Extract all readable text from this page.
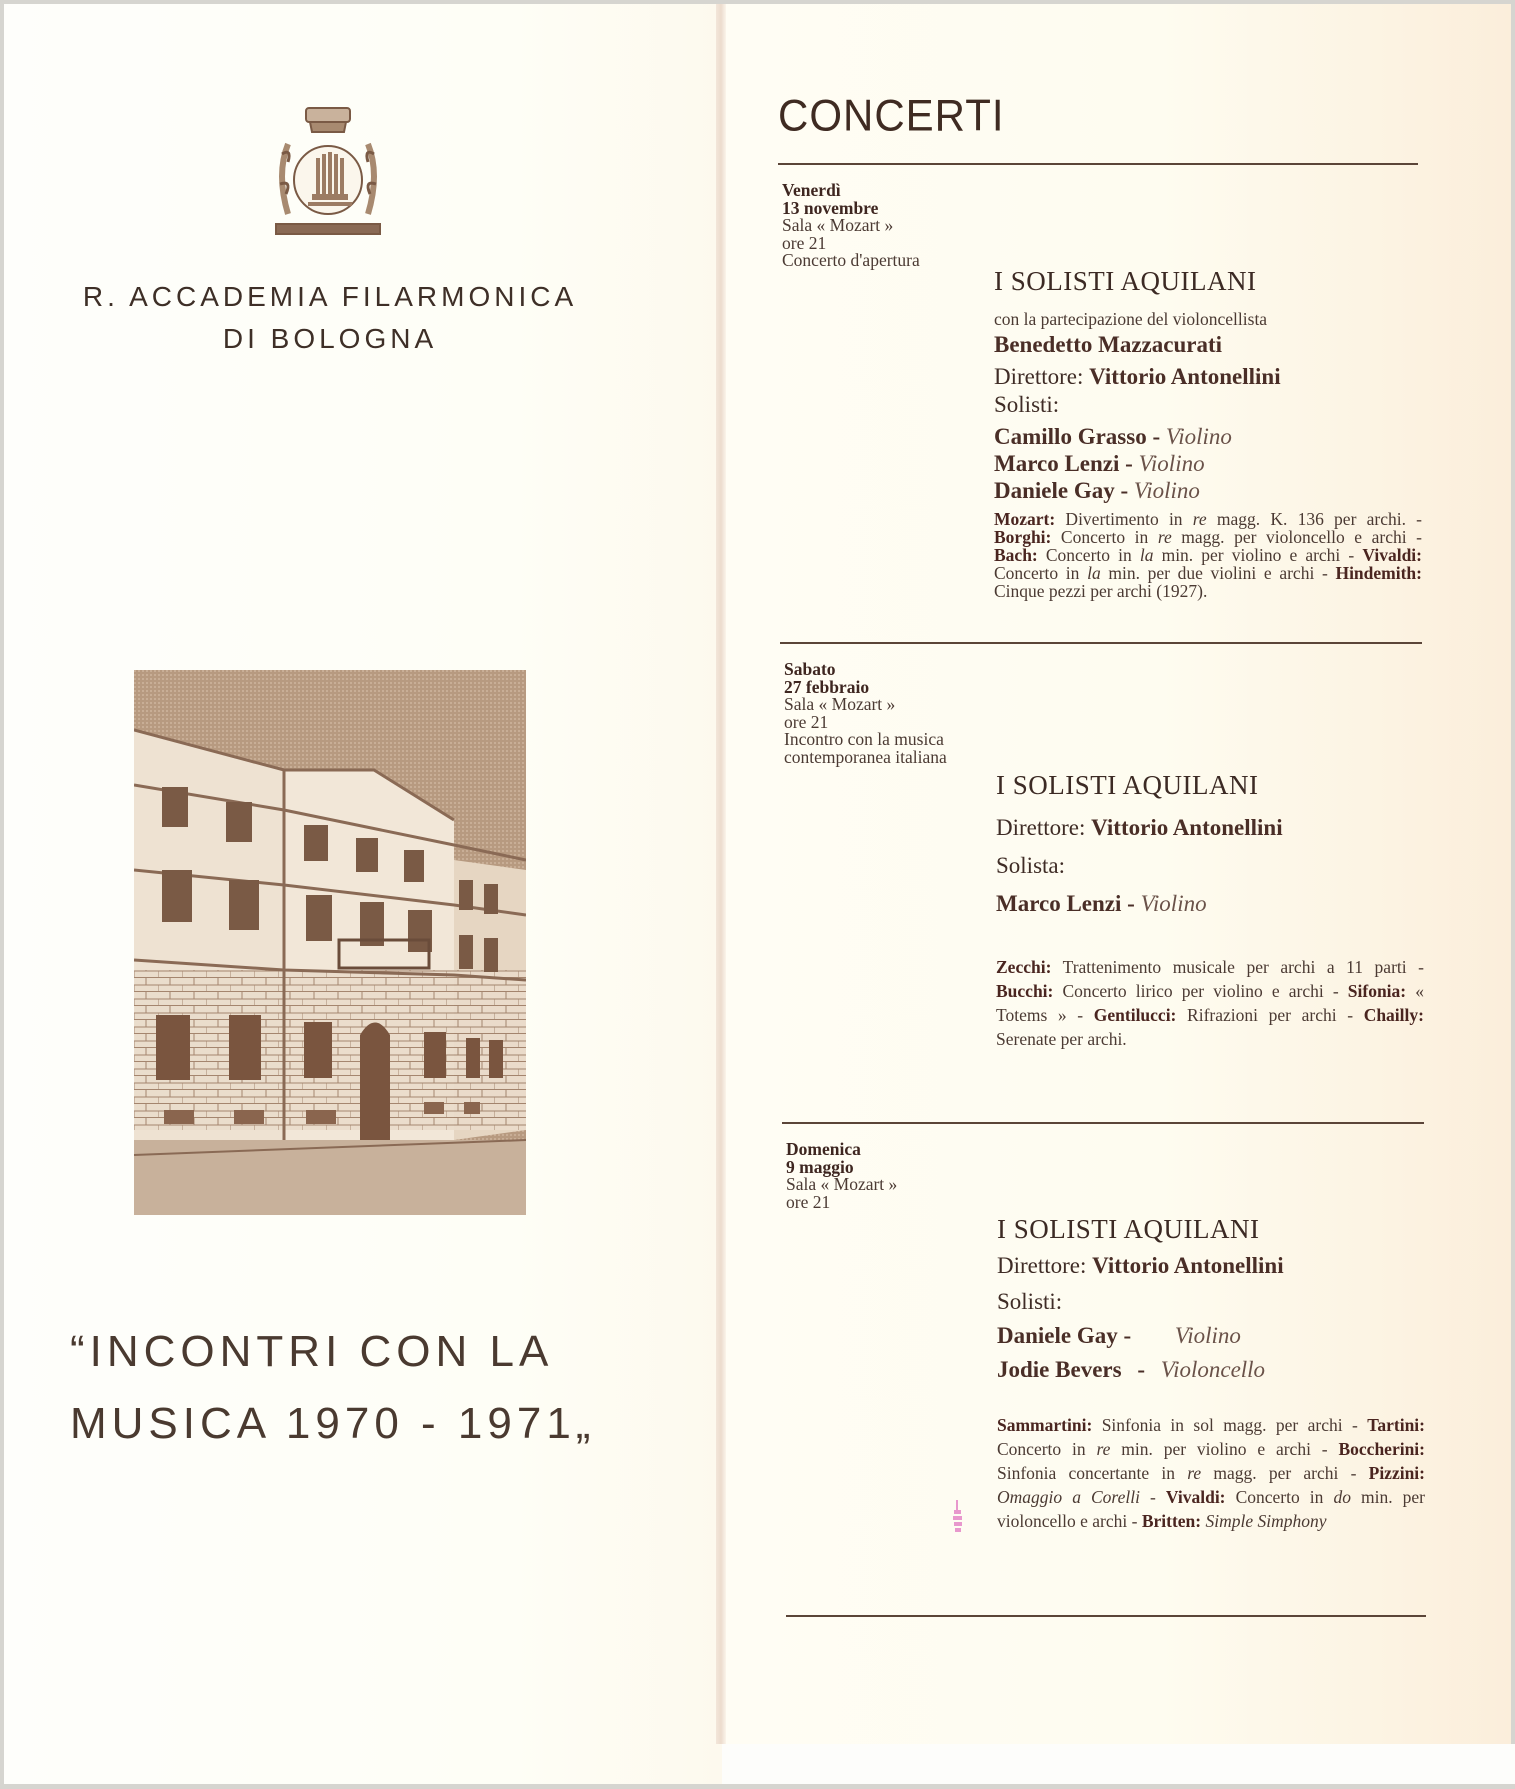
R. ACCADEMIA FILARMONICA
DI BOLOGNA
“INCONTRI CON LA
MUSICA 1970 - 1971„
CONCERTI
Venerdì
13 novembre
Sala « Mozart »
ore 21
Concerto d'apertura
I SOLISTI AQUILANI
con la partecipazione del violoncellista
Benedetto Mazzacurati
Direttore: Vittorio Antonellini
Solisti:
Camillo Grasso - Violino
Marco Lenzi - Violino
Daniele Gay - Violino
Mozart: Divertimento in re magg. K. 136 per archi. - Borghi: Concerto in re magg. per violoncello e archi - Bach: Concerto in la min. per violino e archi - Vivaldi: Concerto in la min. per due violini e archi - Hindemith: Cinque pezzi per archi (1927).
Sabato
27 febbraio
Sala « Mozart »
ore 21
Incontro con la musica
contemporanea italiana
I SOLISTI AQUILANI
Direttore: Vittorio Antonellini
Solista:
Marco Lenzi - Violino
Zecchi: Trattenimento musicale per archi a 11 parti - Bucchi: Concerto lirico per violino e archi - Sifonia: « Totems » - Gentilucci: Rifrazioni per archi - Chailly: Serenate per archi.
Domenica
9 maggio
Sala « Mozart »
ore 21
I SOLISTI AQUILANI
Direttore: Vittorio Antonellini
Solisti:
Daniele Gay - Violino
Jodie Bevers - Violoncello
Sammartini: Sinfonia in sol magg. per archi - Tartini: Concerto in re min. per violino e archi - Boccherini: Sinfonia concertante in re magg. per archi - Pizzini: Omaggio a Corelli - Vivaldi: Concerto in do min. per violoncello e archi - Britten: Simple Simphony
